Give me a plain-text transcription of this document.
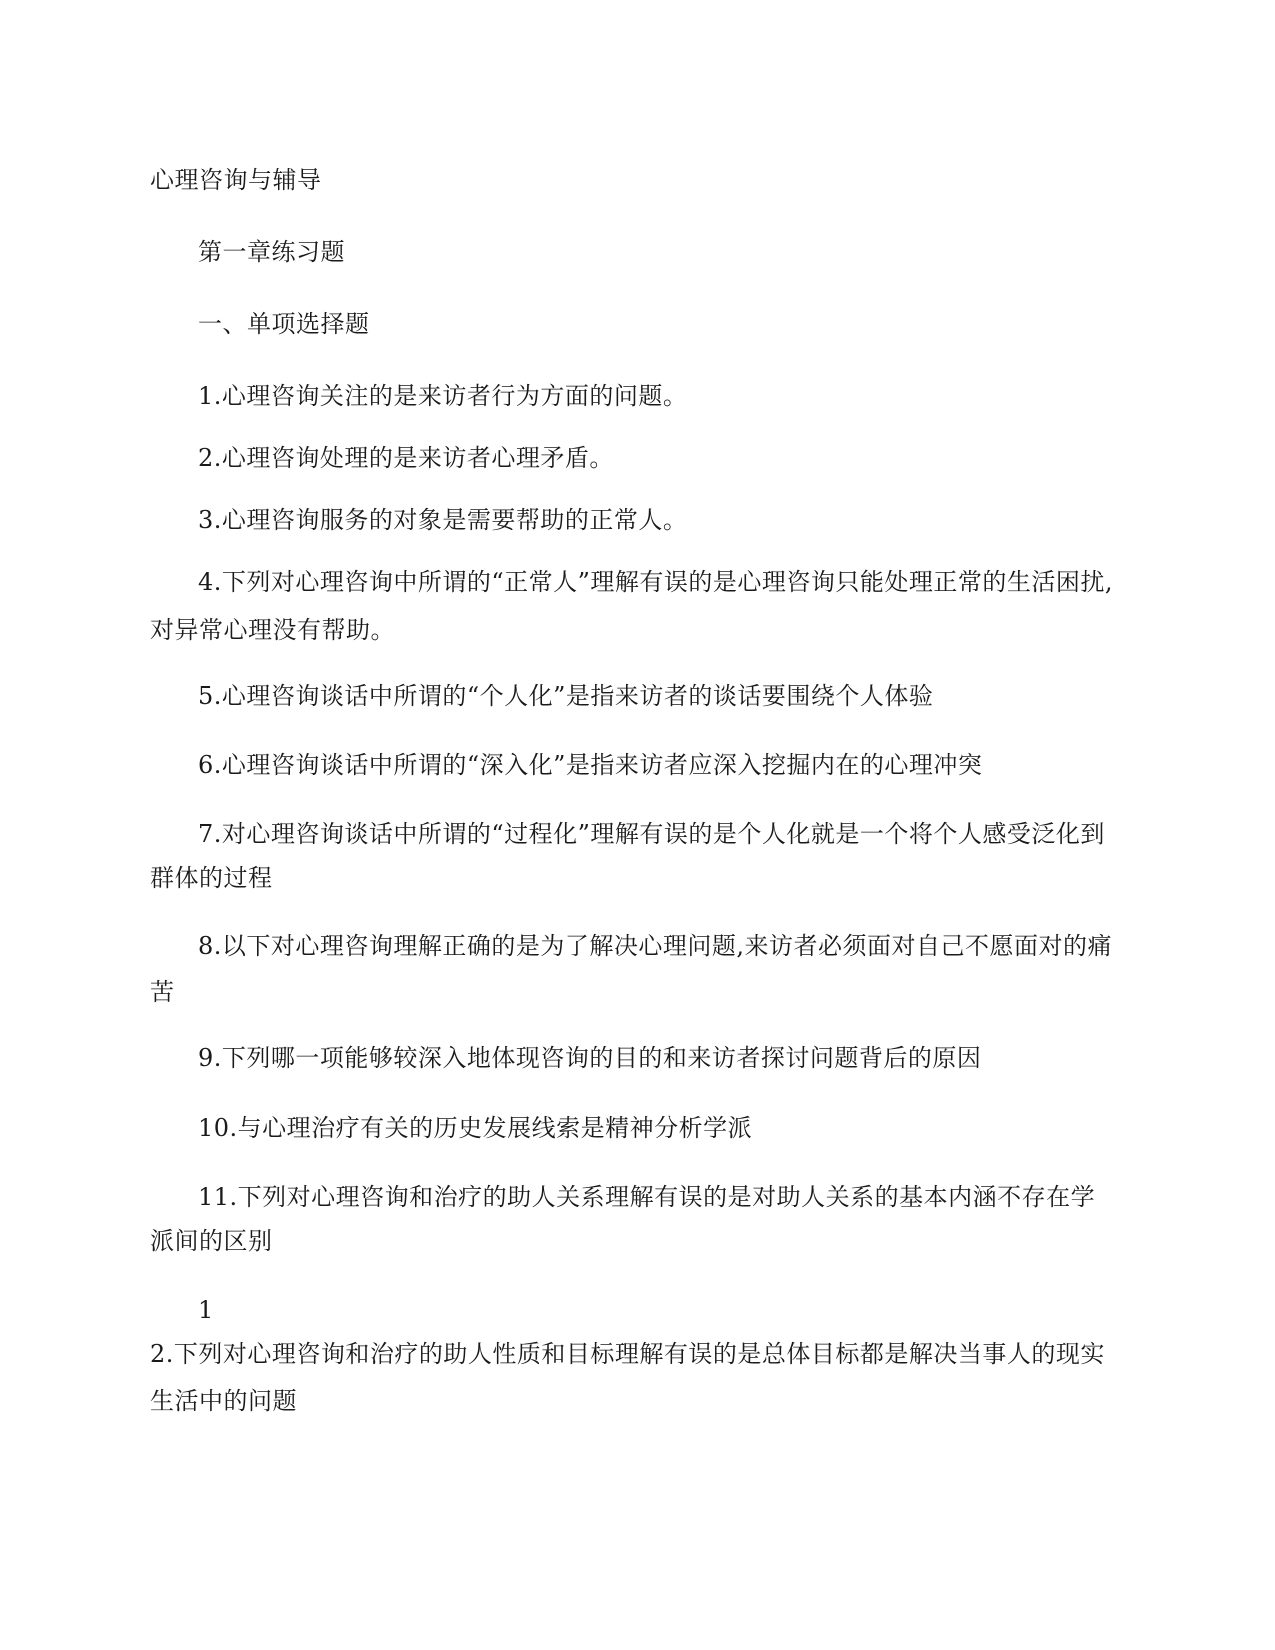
心理咨询与辅导
第一章练习题
一、单项选择题
1.心理咨询关注的是来访者行为方面的问题。
2.心理咨询处理的是来访者心理矛盾。
3.心理咨询服务的对象是需要帮助的正常人。
4.下列对心理咨询中所谓的“正常人”理解有误的是心理咨询只能处理正常的生活困扰,
对异常心理没有帮助。
5.心理咨询谈话中所谓的“个人化”是指来访者的谈话要围绕个人体验
6.心理咨询谈话中所谓的“深入化”是指来访者应深入挖掘内在的心理冲突
7.对心理咨询谈话中所谓的“过程化”理解有误的是个人化就是一个将个人感受泛化到
群体的过程
8.以下对心理咨询理解正确的是为了解决心理问题,来访者必须面对自己不愿面对的痛
苦
9.下列哪一项能够较深入地体现咨询的目的和来访者探讨问题背后的原因
10.与心理治疗有关的历史发展线索是精神分析学派
11.下列对心理咨询和治疗的助人关系理解有误的是对助人关系的基本内涵不存在学
派间的区别
1
2.下列对心理咨询和治疗的助人性质和目标理解有误的是总体目标都是解决当事人的现实
生活中的问题
